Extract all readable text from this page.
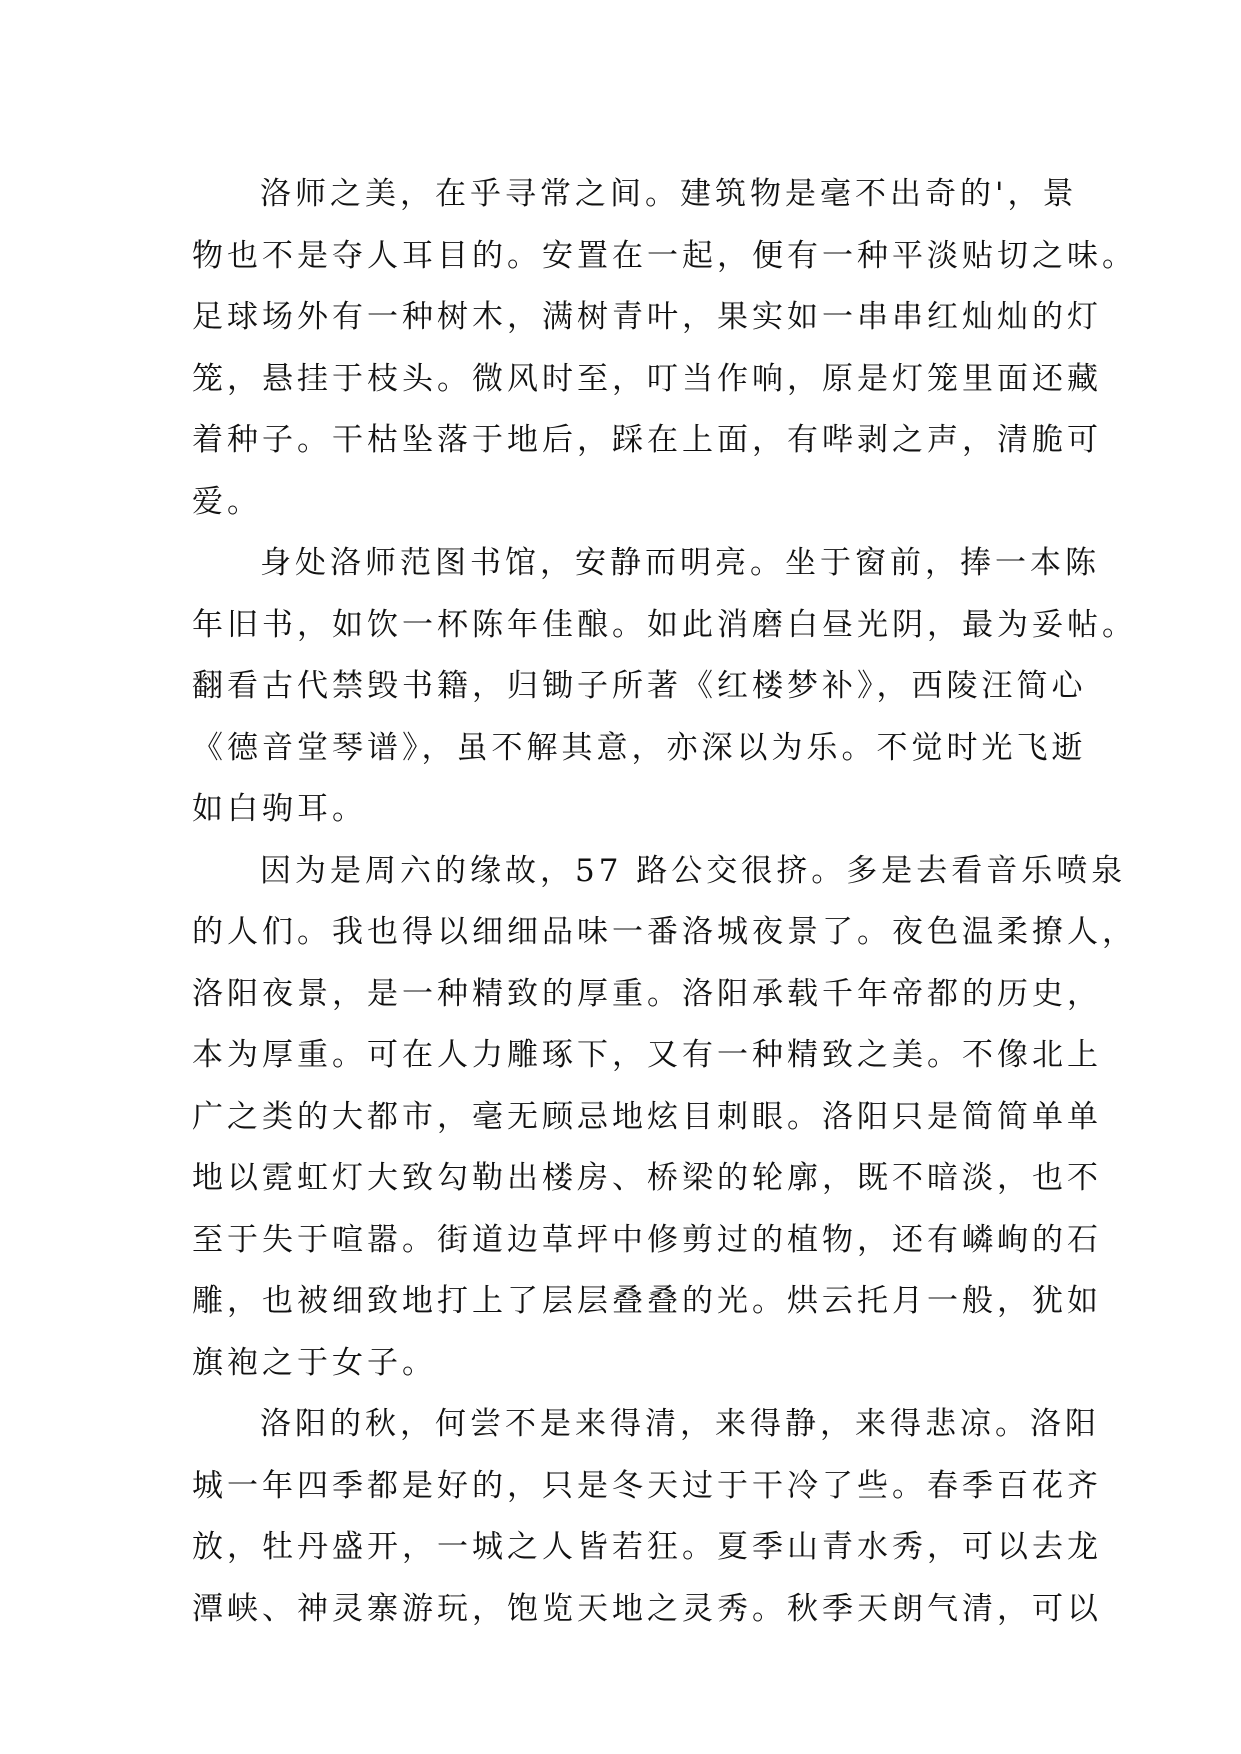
洛师之美，在乎寻常之间。建筑物是毫不出奇的'，景
物也不是夺人耳目的。安置在一起，便有一种平淡贴切之味。
足球场外有一种树木，满树青叶，果实如一串串红灿灿的灯
笼，悬挂于枝头。微风时至，叮当作响，原是灯笼里面还藏
着种子。干枯坠落于地后，踩在上面，有哔剥之声，清脆可
爱。
身处洛师范图书馆，安静而明亮。坐于窗前，捧一本陈
年旧书，如饮一杯陈年佳酿。如此消磨白昼光阴，最为妥帖。
翻看古代禁毁书籍，归锄子所著《红楼梦补》，西陵汪简心
《德音堂琴谱》，虽不解其意，亦深以为乐。不觉时光飞逝
如白驹耳。
因为是周六的缘故，57 路公交很挤。多是去看音乐喷泉
的人们。我也得以细细品味一番洛城夜景了。夜色温柔撩人，
洛阳夜景，是一种精致的厚重。洛阳承载千年帝都的历史，
本为厚重。可在人力雕琢下，又有一种精致之美。不像北上
广之类的大都市，毫无顾忌地炫目刺眼。洛阳只是简简单单
地以霓虹灯大致勾勒出楼房、桥梁的轮廓，既不暗淡，也不
至于失于喧嚣。街道边草坪中修剪过的植物，还有嶙峋的石
雕，也被细致地打上了层层叠叠的光。烘云托月一般，犹如
旗袍之于女子。
洛阳的秋，何尝不是来得清，来得静，来得悲凉。洛阳
城一年四季都是好的，只是冬天过于干冷了些。春季百花齐
放，牡丹盛开，一城之人皆若狂。夏季山青水秀，可以去龙
潭峡、神灵寨游玩，饱览天地之灵秀。秋季天朗气清，可以
